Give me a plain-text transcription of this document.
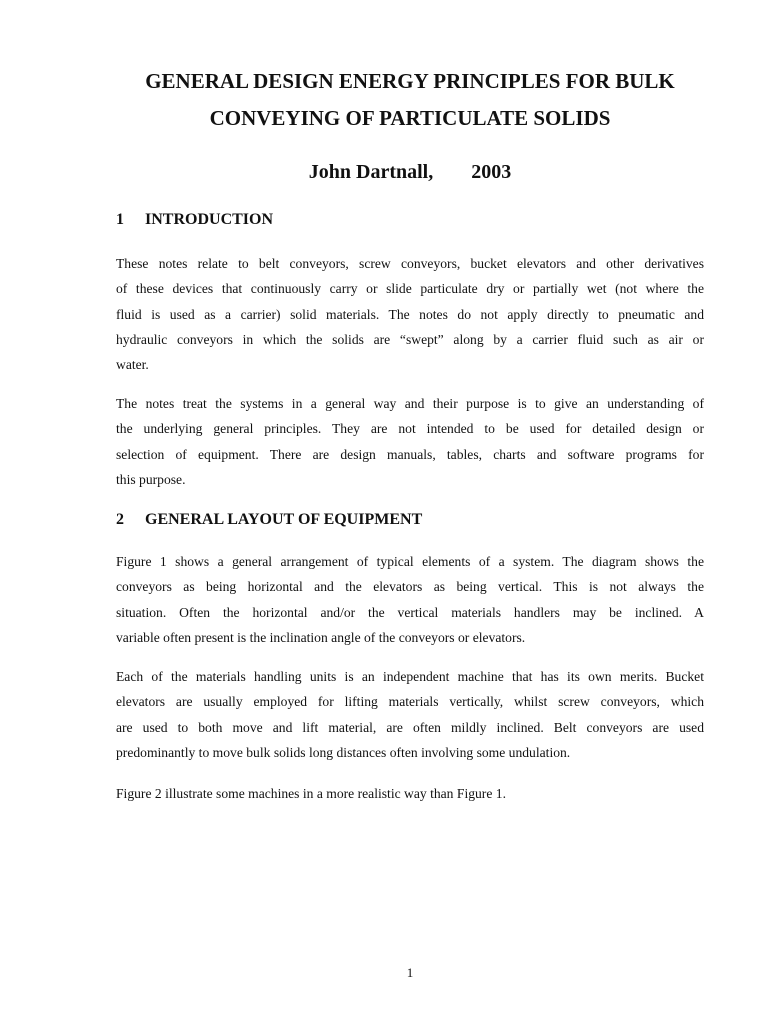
GENERAL DESIGN ENERGY PRINCIPLES FOR BULK
CONVEYING OF PARTICULATE SOLIDS
John Dartnall, 2003
1 INTRODUCTION

These notes relate to belt conveyors, screw conveyors, bucket elevators and other derivatives
of these devices that continuously carry or slide particulate dry or partially wet (not where the
fluid is used as a carrier) solid materials. The notes do not apply directly to pneumatic and
hydraulic conveyors in which the solids are “swept” along by a carrier fluid such as air or
water.

The notes treat the systems in a general way and their purpose is to give an understanding of
the underlying general principles. They are not intended to be used for detailed design or
selection of equipment. There are design manuals, tables, charts and software programs for
this purpose.

2 GENERAL LAYOUT OF EQUIPMENT

Figure 1 shows a general arrangement of typical elements of a system. The diagram shows the
conveyors as being horizontal and the elevators as being vertical. This is not always the
situation. Often the horizontal and/or the vertical materials handlers may be inclined. A
variable often present is the inclination angle of the conveyors or elevators.

Each of the materials handling units is an independent machine that has its own merits. Bucket
elevators are usually employed for lifting materials vertically, whilst screw conveyors, which
are used to both move and lift material, are often mildly inclined. Belt conveyors are used
predominantly to move bulk solids long distances often involving some undulation.

Figure 2 illustrate some machines in a more realistic way than Figure 1.

1
